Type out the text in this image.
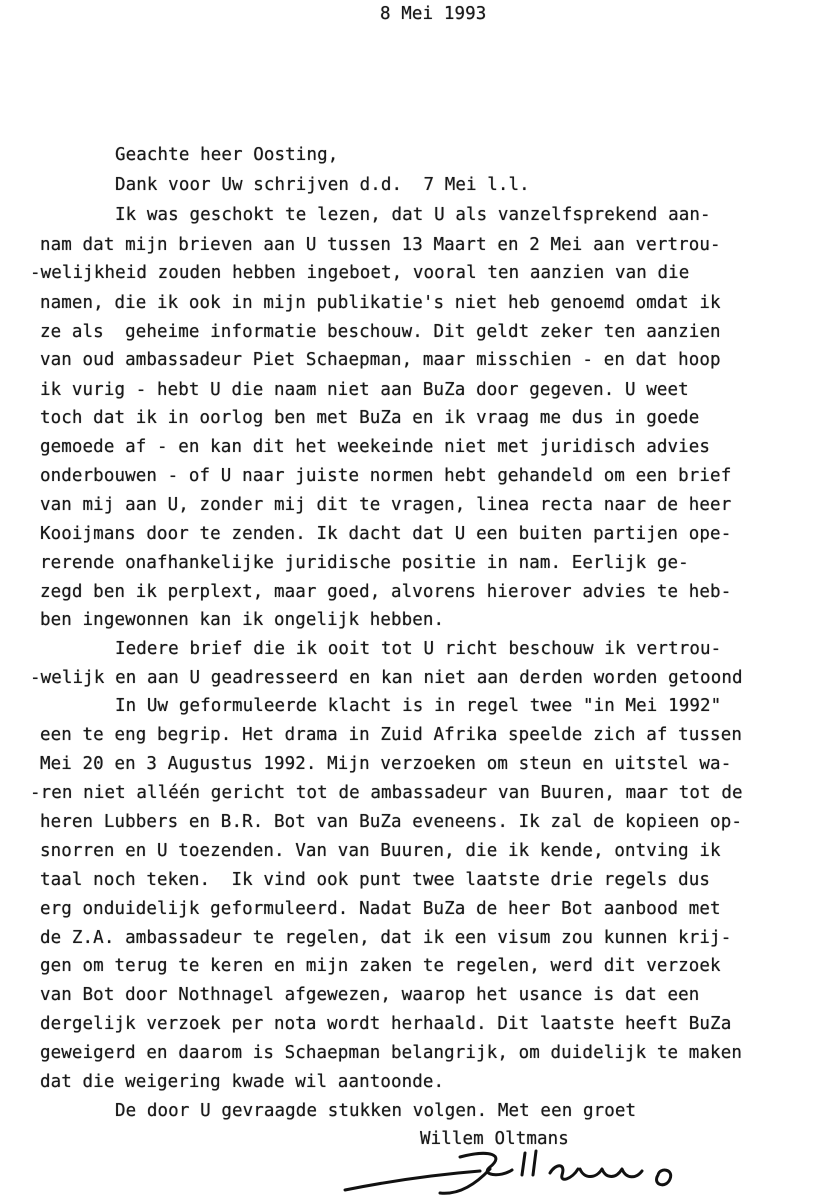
8 Mei 1993
Geachte heer Oosting,
Dank voor Uw schrijven d.d.  7 Mei l.l.
Ik was geschokt te lezen, dat U als vanzelfsprekend aan-
nam dat mijn brieven aan U tussen 13 Maart en 2 Mei aan vertrou-
-welijkheid zouden hebben ingeboet, vooral ten aanzien van die
namen, die ik ook in mijn publikatie's niet heb genoemd omdat ik
ze als  geheime informatie beschouw. Dit geldt zeker ten aanzien
van oud ambassadeur Piet Schaepman, maar misschien - en dat hoop
ik vurig - hebt U die naam niet aan BuZa door gegeven. U weet
toch dat ik in oorlog ben met BuZa en ik vraag me dus in goede
gemoede af - en kan dit het weekeinde niet met juridisch advies
onderbouwen - of U naar juiste normen hebt gehandeld om een brief
van mij aan U, zonder mij dit te vragen, linea recta naar de heer
Kooijmans door te zenden. Ik dacht dat U een buiten partijen ope-
rerende onafhankelijke juridische positie in nam. Eerlijk ge-
zegd ben ik perplext, maar goed, alvorens hierover advies te heb-
ben ingewonnen kan ik ongelijk hebben.
Iedere brief die ik ooit tot U richt beschouw ik vertrou-
-welijk en aan U geadresseerd en kan niet aan derden worden getoond
In Uw geformuleerde klacht is in regel twee "in Mei 1992"
een te eng begrip. Het drama in Zuid Afrika speelde zich af tussen
Mei 20 en 3 Augustus 1992. Mijn verzoeken om steun en uitstel wa-
-ren niet alléén gericht tot de ambassadeur van Buuren, maar tot de
heren Lubbers en B.R. Bot van BuZa eveneens. Ik zal de kopieen op-
snorren en U toezenden. Van van Buuren, die ik kende, ontving ik
taal noch teken.  Ik vind ook punt twee laatste drie regels dus
erg onduidelijk geformuleerd. Nadat BuZa de heer Bot aanbood met
de Z.A. ambassadeur te regelen, dat ik een visum zou kunnen krij-
gen om terug te keren en mijn zaken te regelen, werd dit verzoek
van Bot door Nothnagel afgewezen, waarop het usance is dat een
dergelijk verzoek per nota wordt herhaald. Dit laatste heeft BuZa
geweigerd en daarom is Schaepman belangrijk, om duidelijk te maken
dat die weigering kwade wil aantoonde.
De door U gevraagde stukken volgen. Met een groet
Willem Oltmans
